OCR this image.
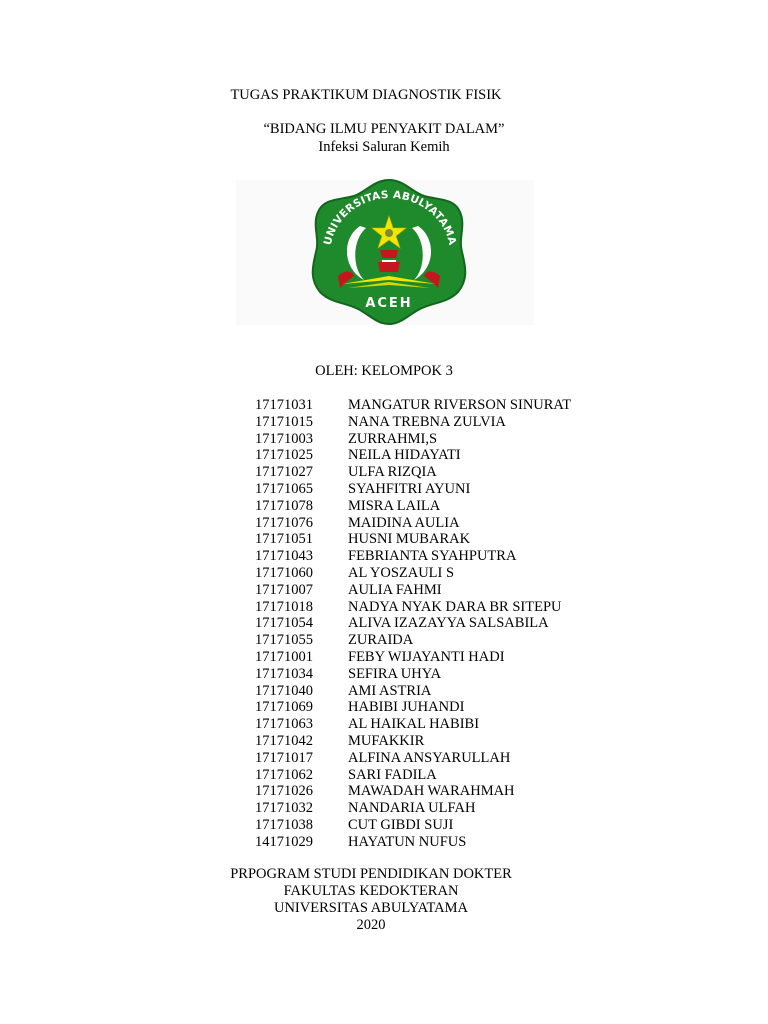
TUGAS PRAKTIKUM DIAGNOSTIK FISIK
“BIDANG ILMU PENYAKIT DALAM”
Infeksi Saluran Kemih
UNIVERSITAS ABULYATAMA
ACEH
OLEH: KELOMPOK 3
17171031	MANGATUR RIVERSON SINURAT
17171015	NANA TREBNA ZULVIA
17171003	ZURRAHMI,S
17171025	NEILA HIDAYATI
17171027	ULFA RIZQIA
17171065	SYAHFITRI AYUNI
17171078	MISRA LAILA
17171076	MAIDINA AULIA
17171051	HUSNI MUBARAK
17171043	FEBRIANTA SYAHPUTRA
17171060	AL YOSZAULI S
17171007	AULIA FAHMI
17171018	NADYA NYAK DARA BR SITEPU
17171054	ALIVA IZAZAYYA SALSABILA
17171055	ZURAIDA
17171001	FEBY WIJAYANTI HADI
17171034	SEFIRA UHYA
17171040	AMI ASTRIA
17171069	HABIBI JUHANDI
17171063	AL HAIKAL HABIBI
17171042	MUFAKKIR
17171017	ALFINA ANSYARULLAH
17171062	SARI FADILA
17171026	MAWADAH WARAHMAH
17171032	NANDARIA ULFAH
17171038	CUT GIBDI SUJI
14171029	HAYATUN NUFUS
PRPOGRAM STUDI PENDIDIKAN DOKTER
FAKULTAS KEDOKTERAN
UNIVERSITAS ABULYATAMA
2020
